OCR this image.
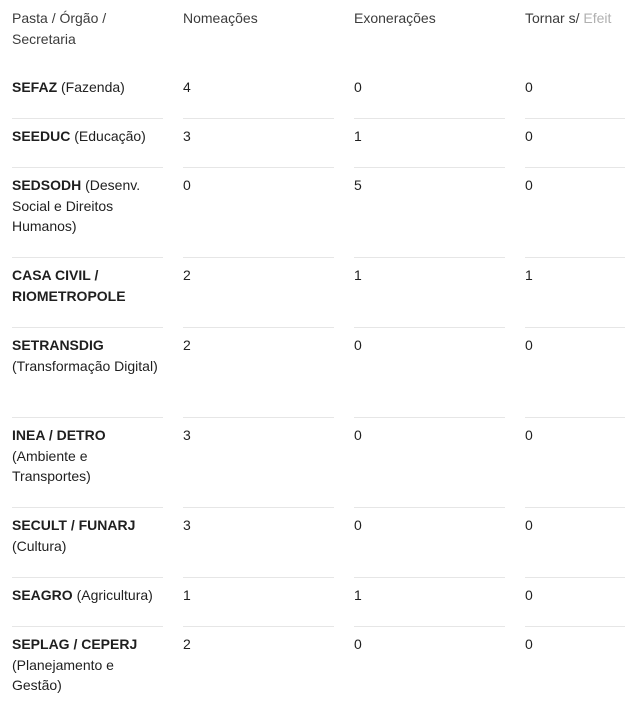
Pasta / Órgão / Secretaria	Nomeações	Exonerações	Tornar s/ Efeit

SEFAZ (Fazenda)	4	0	0

SEEDUC (Educação)	3	1	0

SEDSODH (Desenv. Social e Direitos Humanos)	0	5	0

CASA CIVIL / RIOMETROPOLE	2	1	1

SETRANSDIG (Transformação Digital)	2	0	0

INEA / DETRO (Ambiente e Transportes)	3	0	0

SECULT / FUNARJ (Cultura)	3	0	0

SEAGRO (Agricultura)	1	1	0

SEPLAG / CEPERJ (Planejamento e Gestão)	2	0	0
